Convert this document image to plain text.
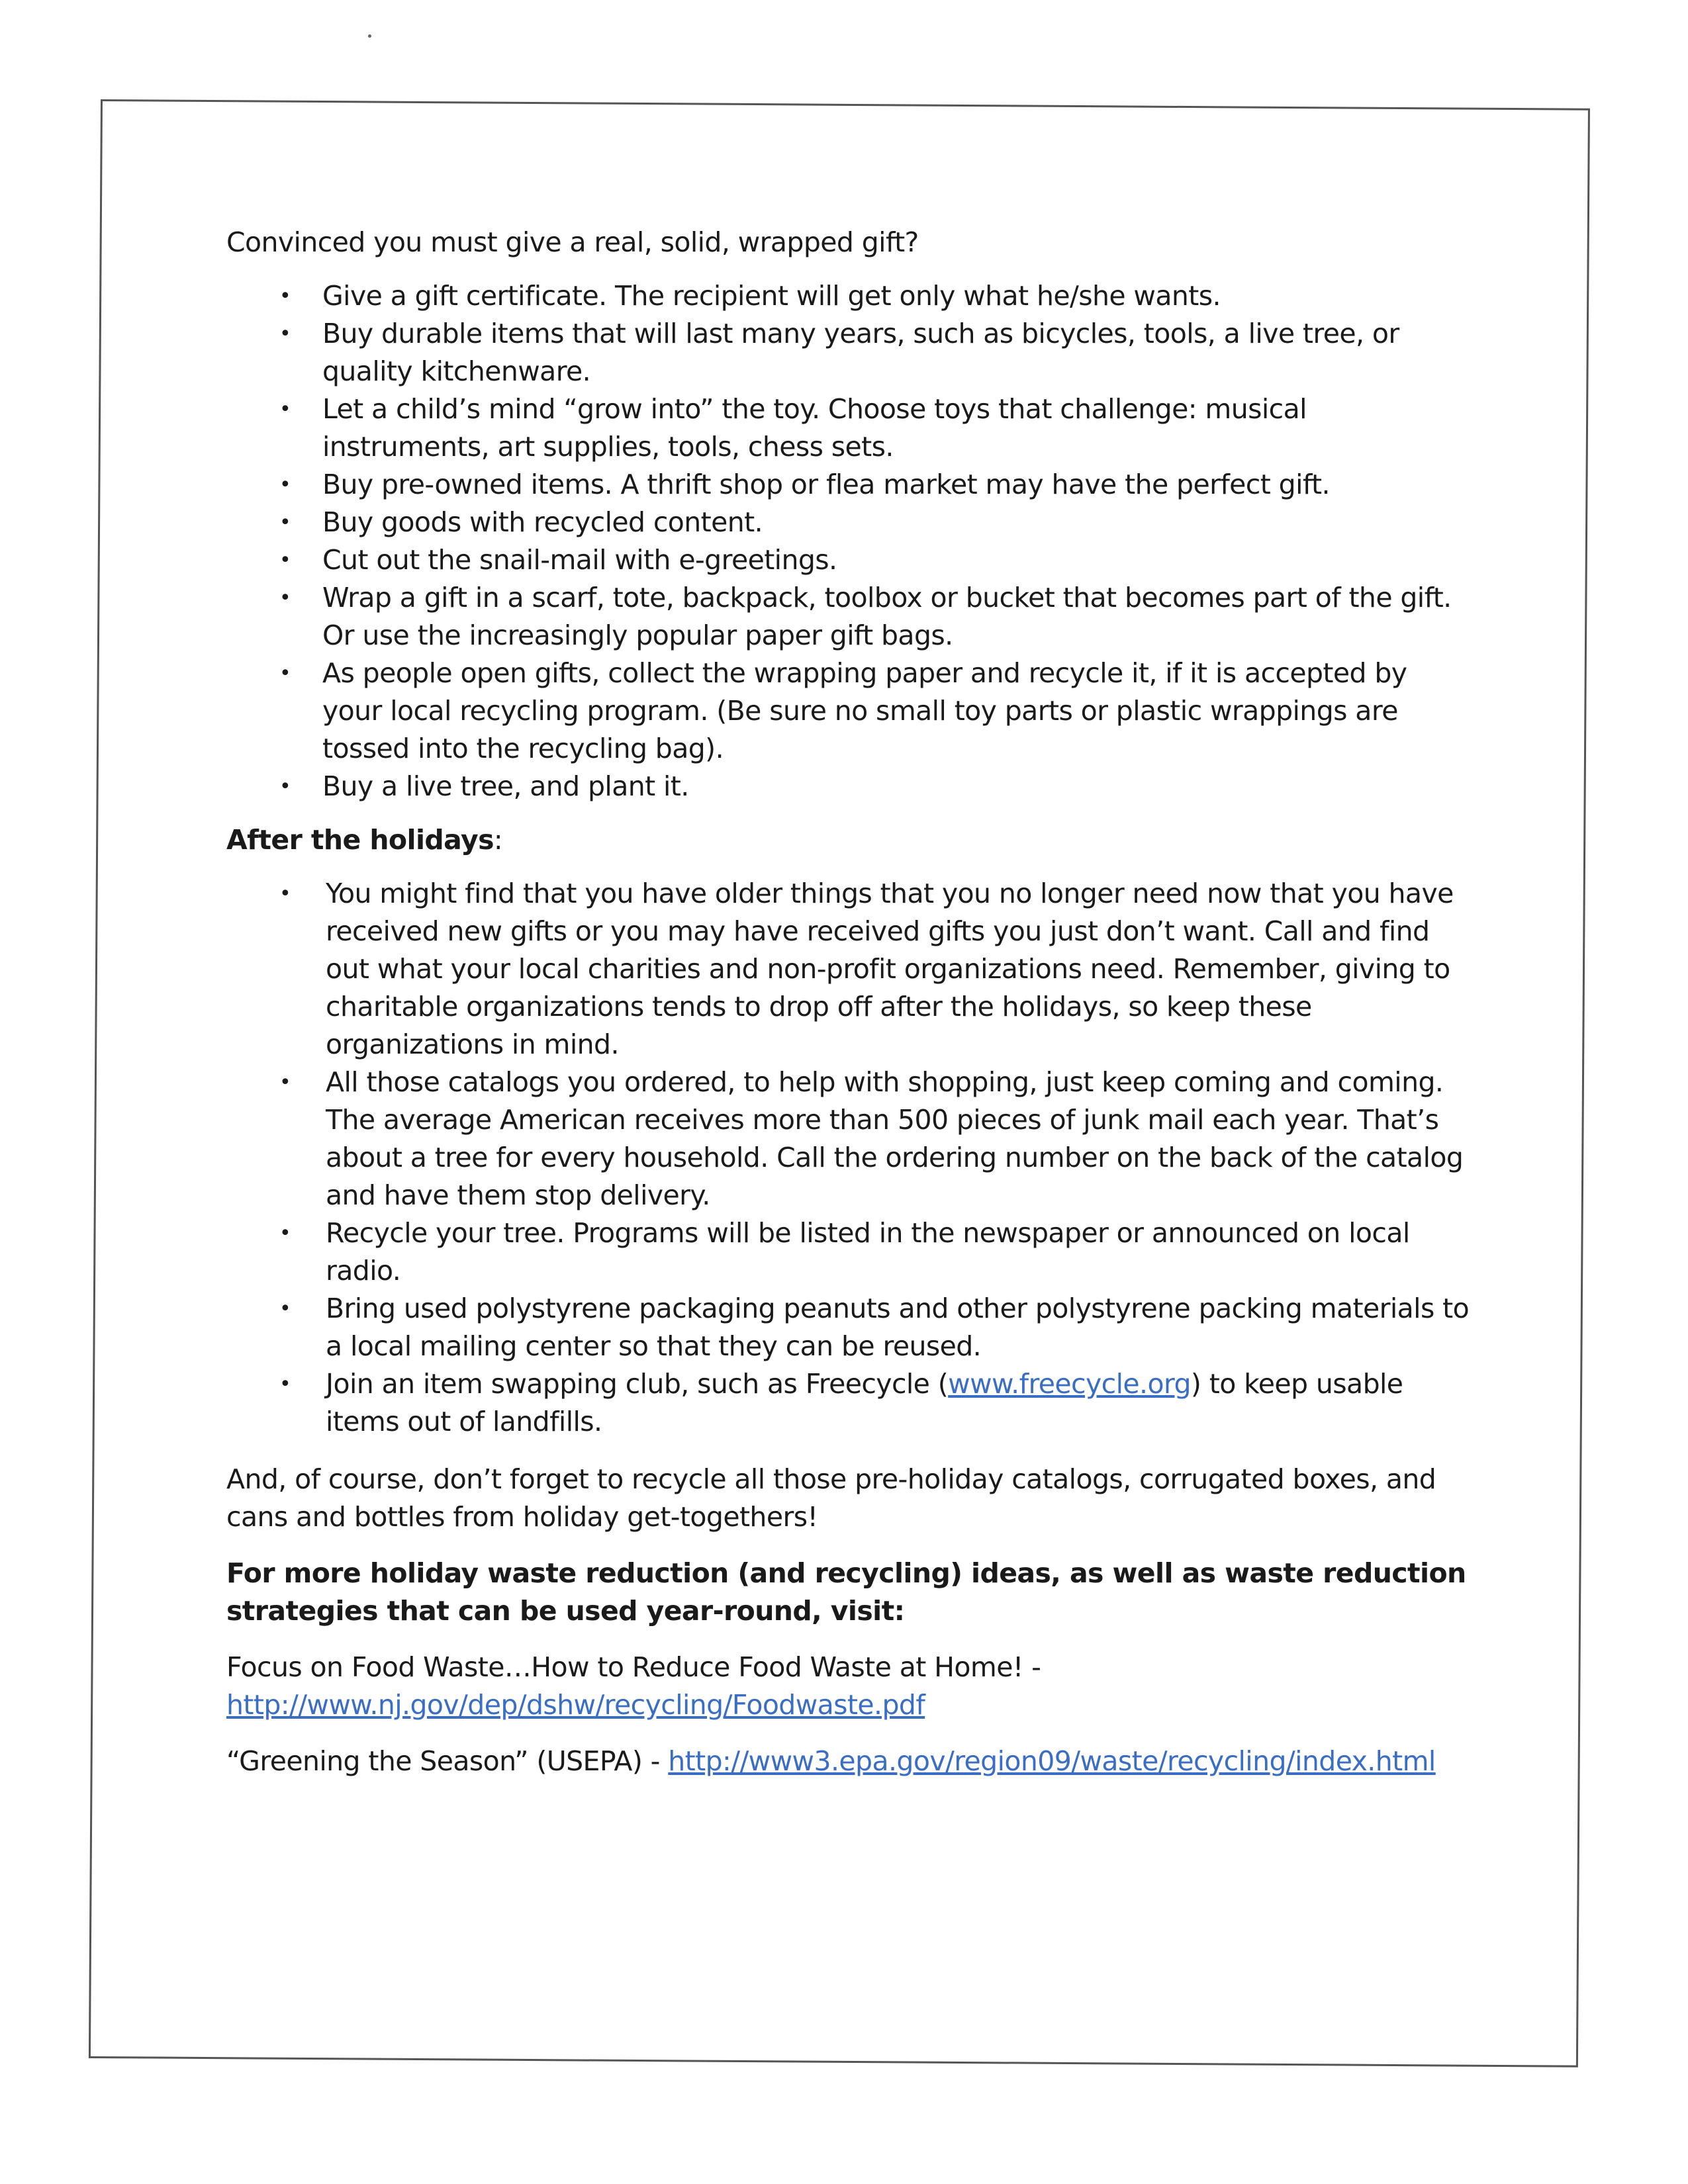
Convinced you must give a real, solid, wrapped gift?

• Give a gift certificate. The recipient will get only what he/she wants.
• Buy durable items that will last many years, such as bicycles, tools, a live tree, or quality kitchenware.
• Let a child’s mind “grow into” the toy. Choose toys that challenge: musical instruments, art supplies, tools, chess sets.
• Buy pre-owned items. A thrift shop or flea market may have the perfect gift.
• Buy goods with recycled content.
• Cut out the snail-mail with e-greetings.
• Wrap a gift in a scarf, tote, backpack, toolbox or bucket that becomes part of the gift. Or use the increasingly popular paper gift bags.
• As people open gifts, collect the wrapping paper and recycle it, if it is accepted by your local recycling program. (Be sure no small toy parts or plastic wrappings are tossed into the recycling bag).
• Buy a live tree, and plant it.

After the holidays:

• You might find that you have older things that you no longer need now that you have received new gifts or you may have received gifts you just don’t want. Call and find out what your local charities and non-profit organizations need. Remember, giving to charitable organizations tends to drop off after the holidays, so keep these organizations in mind.
• All those catalogs you ordered, to help with shopping, just keep coming and coming. The average American receives more than 500 pieces of junk mail each year. That’s about a tree for every household. Call the ordering number on the back of the catalog and have them stop delivery.
• Recycle your tree. Programs will be listed in the newspaper or announced on local radio.
• Bring used polystyrene packaging peanuts and other polystyrene packing materials to a local mailing center so that they can be reused.
• Join an item swapping club, such as Freecycle (www.freecycle.org) to keep usable items out of landfills.

And, of course, don’t forget to recycle all those pre-holiday catalogs, corrugated boxes, and cans and bottles from holiday get-togethers!

For more holiday waste reduction (and recycling) ideas, as well as waste reduction strategies that can be used year-round, visit:

Focus on Food Waste…How to Reduce Food Waste at Home! -
http://www.nj.gov/dep/dshw/recycling/Foodwaste.pdf

“Greening the Season” (USEPA) - http://www3.epa.gov/region09/waste/recycling/index.html
